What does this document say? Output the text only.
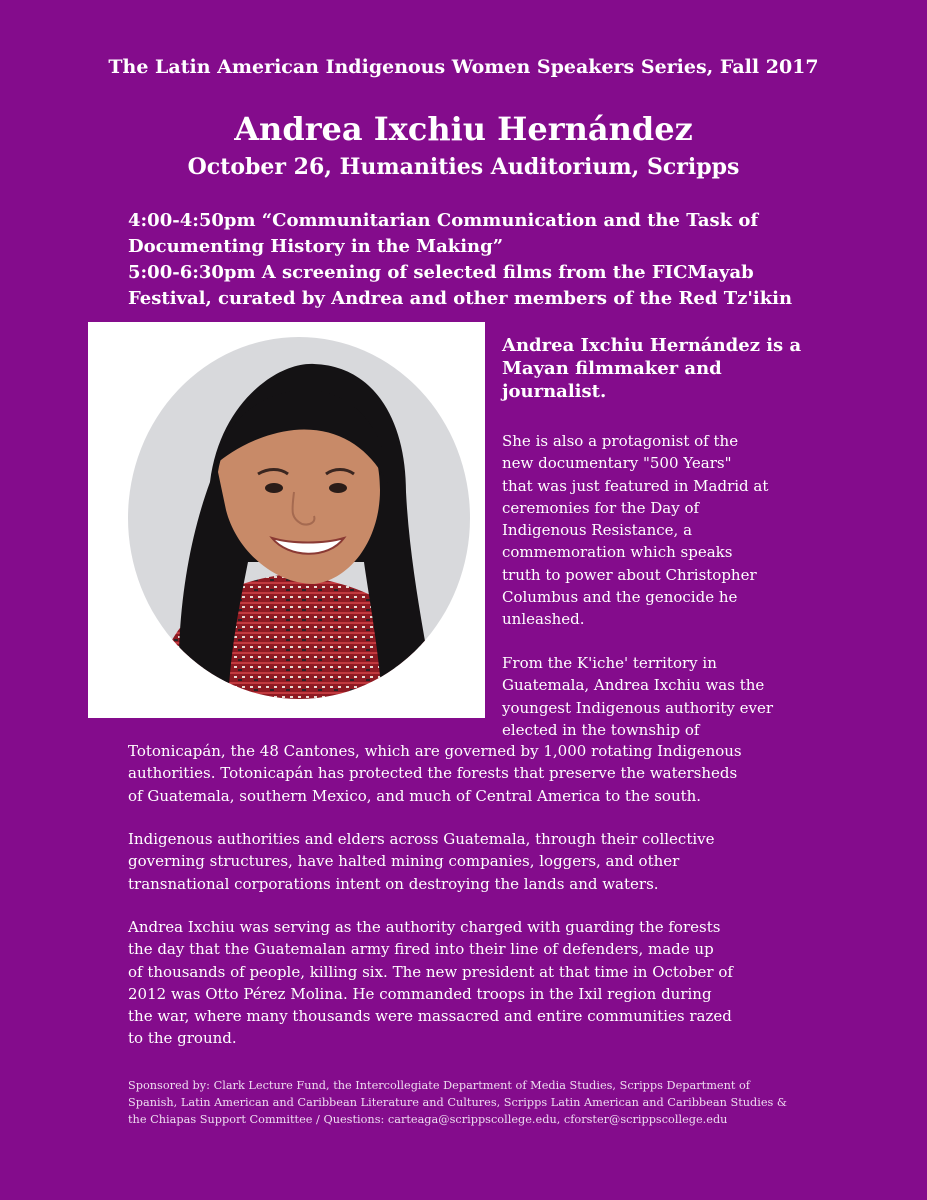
The Latin American Indigenous Women Speakers Series, Fall 2017
Andrea Ixchiu Hernández
October 26, Humanities Auditorium, Scripps

4:00-4:50pm “Communitarian Communication and the Task of
Documenting History in the Making”

5:00-6:30pm A screening of selected films from the FICMayab
Festival, curated by Andrea and other members of the Red Tz'ikin

Andrea Ixchiu Hernández is a
Mayan filmmaker and
journalist.
She is also a protagonist of the
new documentary "500 Years"
that was just featured in Madrid at
ceremonies for the Day of
Indigenous Resistance, a
commemoration which speaks
truth to power about Christopher
Columbus and the genocide he
unleashed.
From the K'iche' territory in
Guatemala, Andrea Ixchiu was the
youngest Indigenous authority ever
elected in the township of
Totonicapán, the 48 Cantones, which are governed by 1,000 rotating Indigenous
authorities. Totonicapán has protected the forests that preserve the watersheds
of Guatemala, southern Mexico, and much of Central America to the south.
Indigenous authorities and elders across Guatemala, through their collective
governing structures, have halted mining companies, loggers, and other
transnational corporations intent on destroying the lands and waters.
Andrea Ixchiu was serving as the authority charged with guarding the forests
the day that the Guatemalan army fired into their line of defenders, made up
of thousands of people, killing six. The new president at that time in October of
2012 was Otto Pérez Molina. He commanded troops in the Ixil region during
the war, where many thousands were massacred and entire communities razed
to the ground.
Sponsored by: Clark Lecture Fund, the Intercollegiate Department of Media Studies, Scripps Department of
Spanish, Latin American and Caribbean Literature and Cultures, Scripps Latin American and Caribbean Studies &
the Chiapas Support Committee / Questions: carteaga@scrippscollege.edu, cforster@scrippscollege.edu
